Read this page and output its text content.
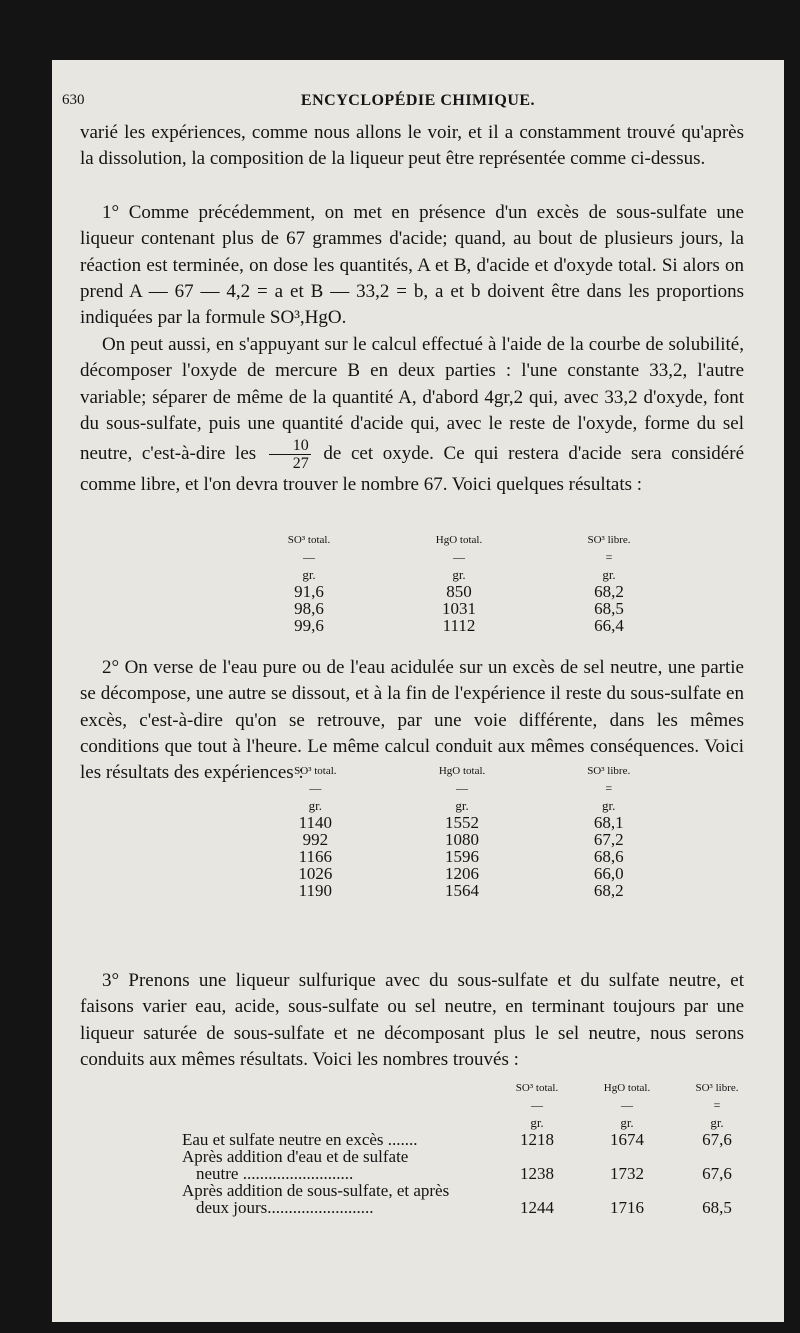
630	ENCYCLOPÉDIE CHIMIQUE.

varié les expériences, comme nous allons le voir, et il a constamment trouvé qu'après la dissolution, la composition de la liqueur peut être représentée comme ci-dessus.

1° Comme précédemment, on met en présence d'un excès de sous-sulfate une liqueur contenant plus de 67 grammes d'acide; quand, au bout de plusieurs jours, la réaction est terminée, on dose les quantités, A et B, d'acide et d'oxyde total. Si alors on prend A — 67 — 4,2 = a et B — 33,2 = b, a et b doivent être dans les proportions indiquées par la formule SO³,HgO.

On peut aussi, en s'appuyant sur le calcul effectué à l'aide de la courbe de solubilité, décomposer l'oxyde de mercure B en deux parties : l'une constante 33,2, l'autre variable; séparer de même de la quantité A, d'abord 4gr,2 qui, avec 33,2 d'oxyde, font du sous-sulfate, puis une quantité d'acide qui, avec le reste de l'oxyde, forme du sel neutre, c'est-à-dire les $\frac{10}{27}$ de cet oxyde. Ce qui restera d'acide sera considéré comme libre, et l'on devra trouver le nombre 67. Voici quelques résultats :

SO³ total.	HgO total.	SO³ libre.
—	—	=
gr.	gr.	gr.
91,6	850	68,2
98,6	1031	68,5
99,6	1112	66,4

2° On verse de l'eau pure ou de l'eau acidulée sur un excès de sel neutre, une partie se décompose, une autre se dissout, et à la fin de l'expérience il reste du sous-sulfate en excès, c'est-à-dire qu'on se retrouve, par une voie différente, dans les mêmes conditions que tout à l'heure. Le même calcul conduit aux mêmes conséquences. Voici les résultats des expériences :

SO³ total.	HgO total.	SO³ libre.
—	—	=
gr.	gr.	gr.
1140	1552	68,1
992	1080	67,2
1166	1596	68,6
1026	1206	66,0
1190	1564	68,2

3° Prenons une liqueur sulfurique avec du sous-sulfate et du sulfate neutre, et faisons varier eau, acide, sous-sulfate ou sel neutre, en terminant toujours par une liqueur saturée de sous-sulfate et ne décomposant plus le sel neutre, nous serons conduits aux mêmes résultats. Voici les nombres trouvés :

	SO³ total.	HgO total.	SO³ libre.
	—	—	=
	gr.	gr.	gr.
Eau et sulfate neutre en excès .......	1218	1674	67,6
Après addition d'eau et de sulfate			
neutre ..........................	1238	1732	67,6
Après addition de sous-sulfate, et après			
deux jours.........................	1244	1716	68,5
